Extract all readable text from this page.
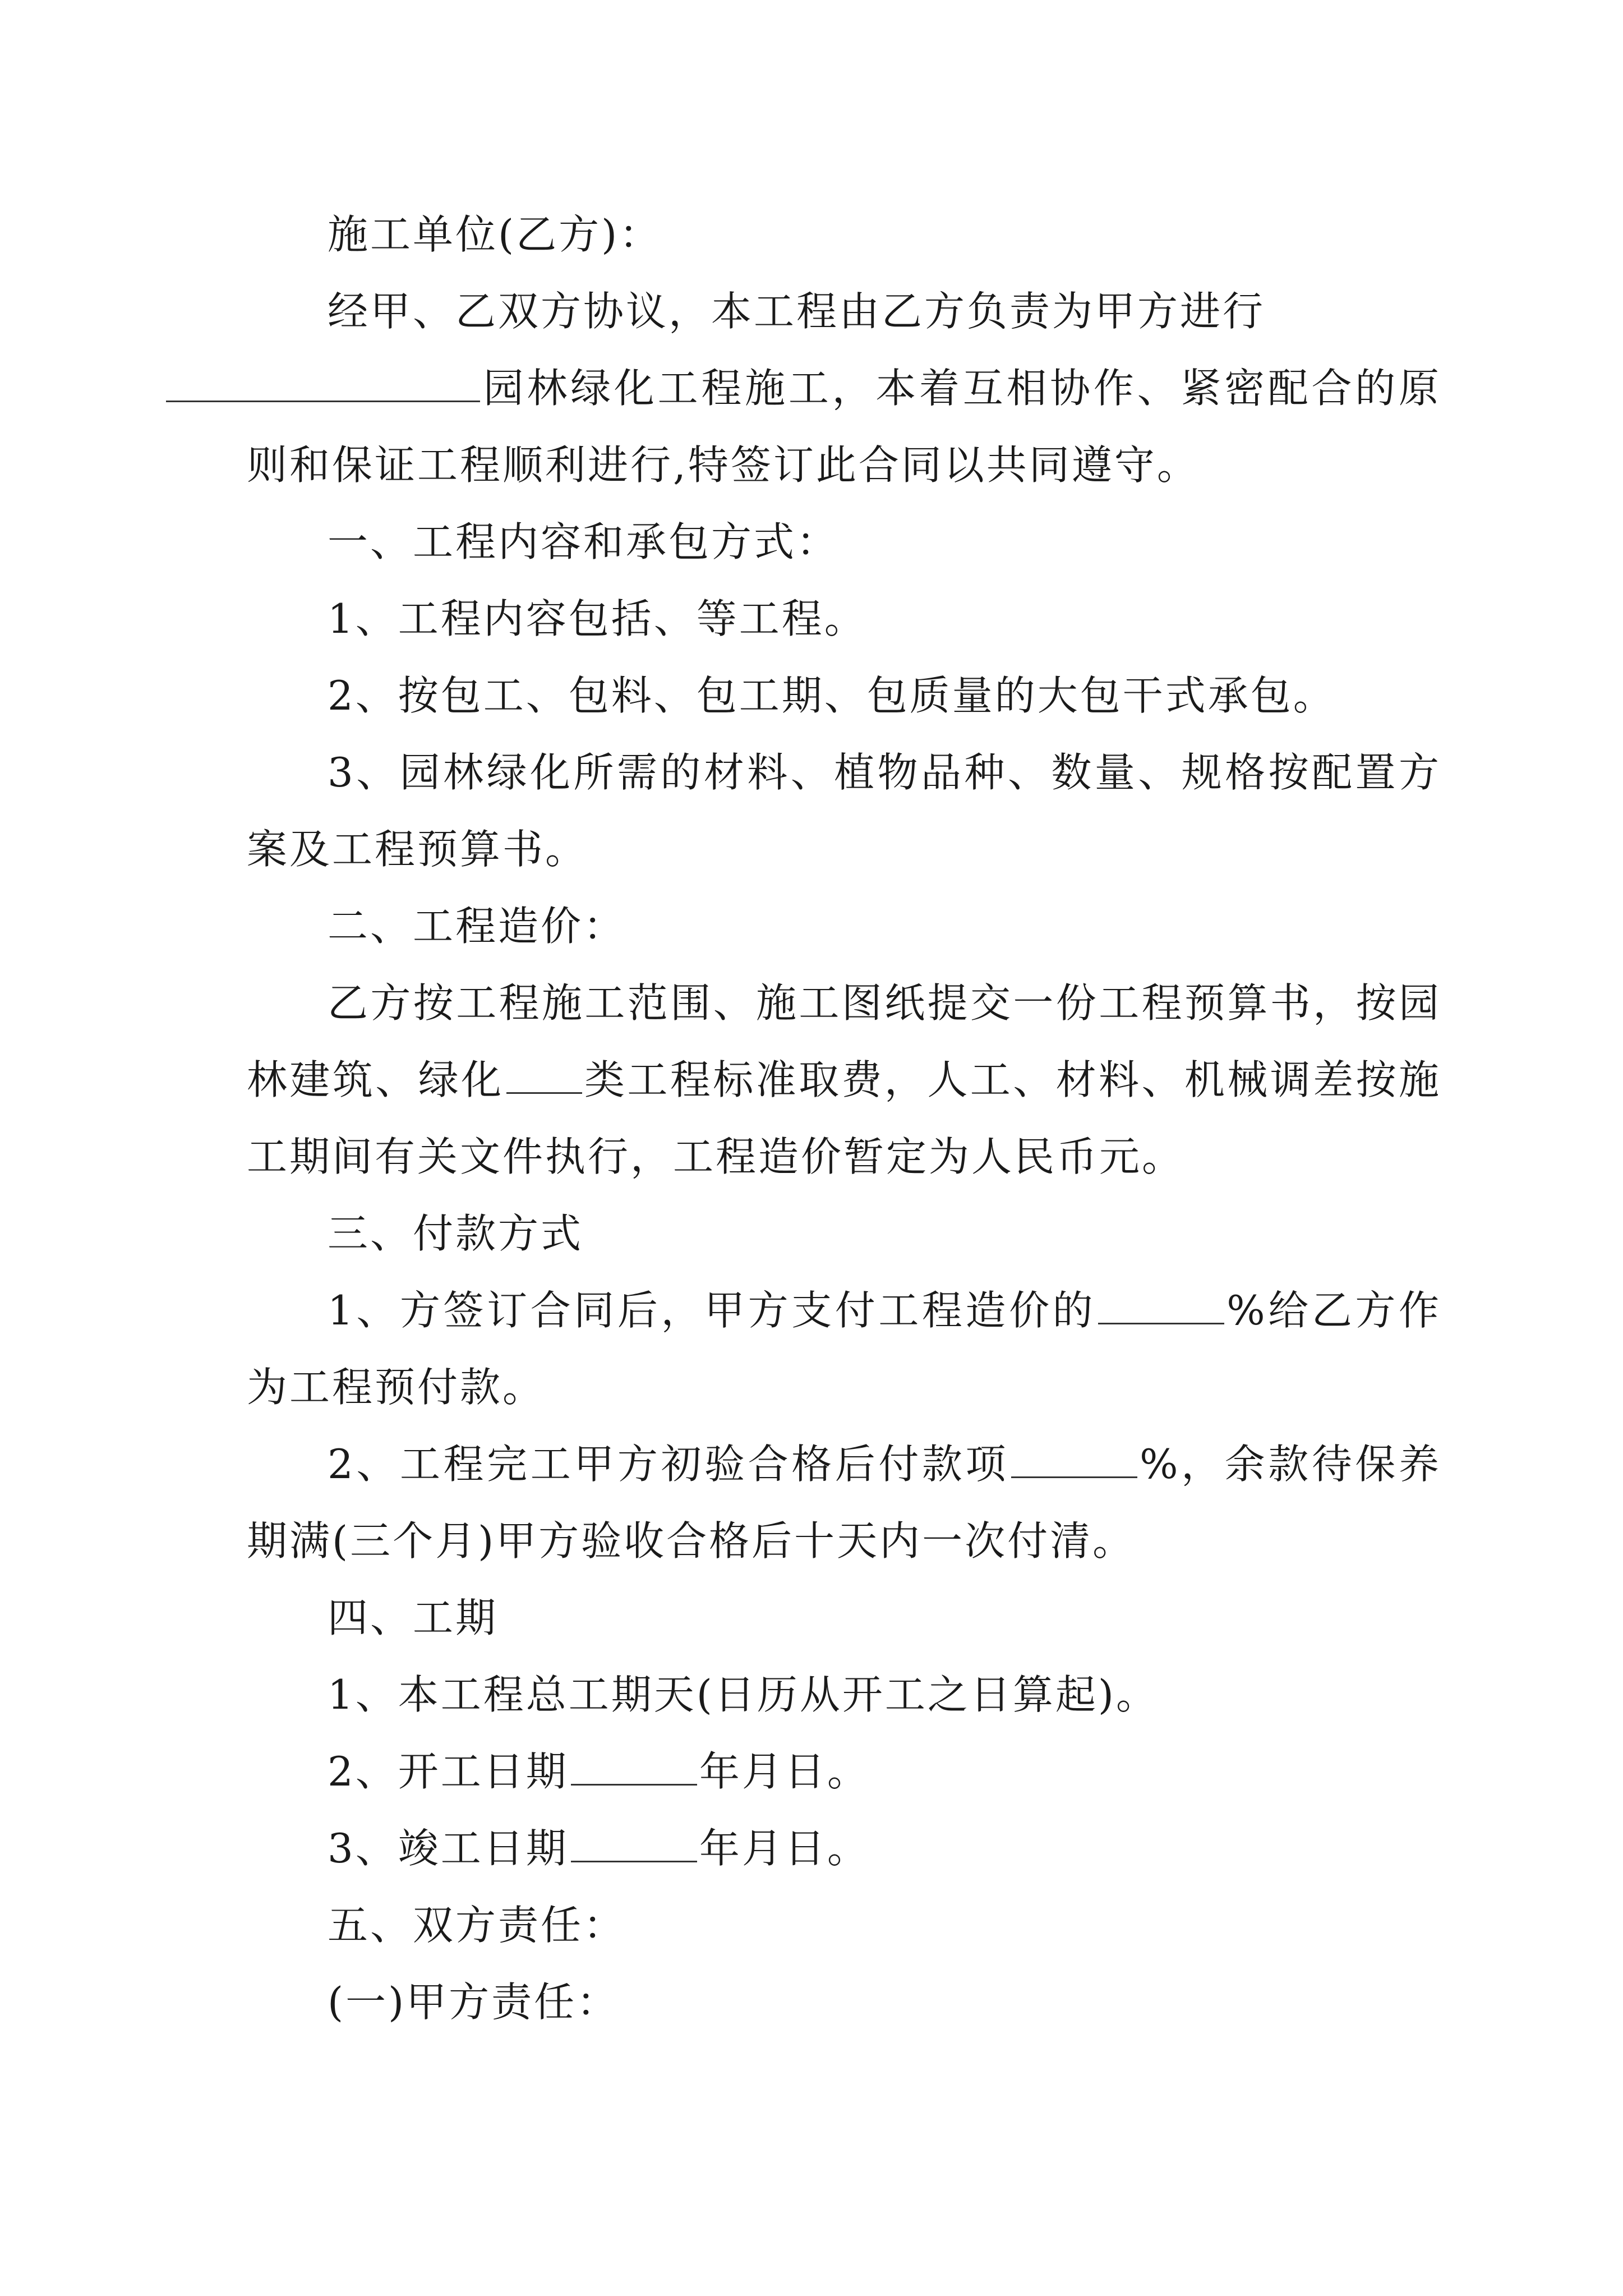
施工单位(乙方)：

经甲、乙双方协议，本工程由乙方负责为甲方进行
园林绿化工程施工，本着互相协作、紧密配合的原则和保证工程顺利进行,特签订此合同以共同遵守。

一、工程内容和承包方式：

1、工程内容包括、等工程。

2、按包工、包料、包工期、包质量的大包干式承包。

3、园林绿化所需的材料、植物品种、数量、规格按配置方案及工程预算书。

二、工程造价：

乙方按工程施工范围、施工图纸提交一份工程预算书，按园林建筑、绿化 类工程标准取费，人工、材料、机械调差按施工期间有关文件执行，工程造价暂定为人民币元。

三、付款方式

1、方签订合同后，甲方支付工程造价的	%给乙方作为工程预付款。

2、工程完工甲方初验合格后付款项	%，余款待保养期满(三个月)甲方验收合格后十天内一次付清。

四、工期

1、本工程总工期天(日历从开工之日算起)。

2、开工日期	年月日。

3、竣工日期	年月日。

五、双方责任：

(一)甲方责任：
